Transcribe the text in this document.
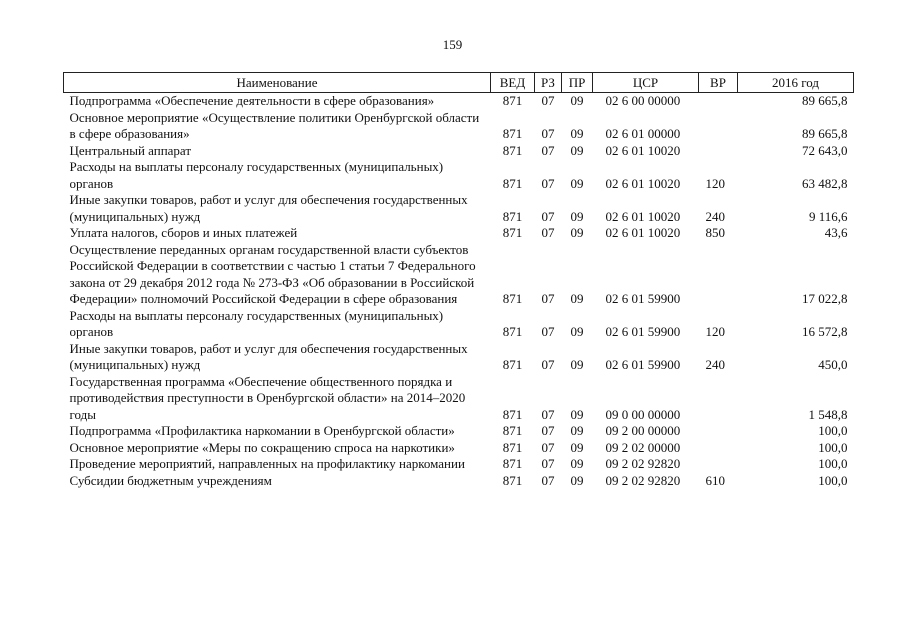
159
Наименование	ВЕД	РЗ	ПР	ЦСР	ВР	2016 год
Подпрограмма «Обеспечение деятельности в сфере образования»	871	07	09	02 6 00 00000		89 665,8
Основное мероприятие «Осуществление политики Оренбургской области в сфере образования»	871	07	09	02 6 01 00000		89 665,8
Центральный аппарат	871	07	09	02 6 01 10020		72 643,0
Расходы на выплаты персоналу государственных (муниципальных) органов	871	07	09	02 6 01 10020	120	63 482,8
Иные закупки товаров, работ и услуг для обеспечения государственных (муниципальных) нужд	871	07	09	02 6 01 10020	240	9 116,6
Уплата налогов, сборов и иных платежей	871	07	09	02 6 01 10020	850	43,6
Осуществление переданных органам государственной власти субъектов Российской Федерации в соответствии с частью 1 статьи 7 Федерального закона от 29 декабря 2012 года № 273-ФЗ «Об образовании в Российской Федерации» полномочий Российской Федерации в сфере образования	871	07	09	02 6 01 59900		17 022,8
Расходы на выплаты персоналу государственных (муниципальных) органов	871	07	09	02 6 01 59900	120	16 572,8
Иные закупки товаров, работ и услуг для обеспечения государственных (муниципальных) нужд	871	07	09	02 6 01 59900	240	450,0
Государственная программа «Обеспечение общественного порядка и противодействия преступности в Оренбургской области» на 2014–2020 годы	871	07	09	09 0 00 00000		1 548,8
Подпрограмма «Профилактика наркомании в Оренбургской области»	871	07	09	09 2 00 00000		100,0
Основное мероприятие «Меры по сокращению спроса на наркотики»	871	07	09	09 2 02 00000		100,0
Проведение мероприятий, направленных на профилактику наркомании	871	07	09	09 2 02 92820		100,0
Субсидии бюджетным учреждениям	871	07	09	09 2 02 92820	610	100,0
